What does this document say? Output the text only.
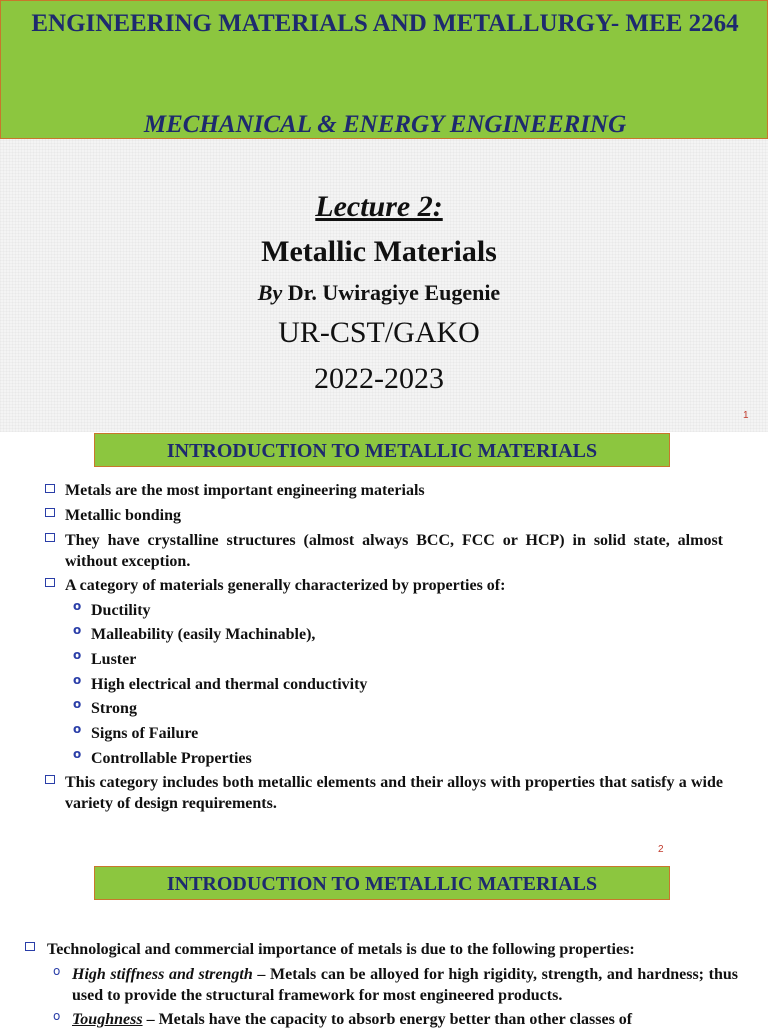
ENGINEERING MATERIALS AND METALLURGY- MEE 2264
MECHANICAL & ENERGY ENGINEERING
Lecture 2:
Metallic Materials
By Dr. Uwiragiye Eugenie
UR-CST/GAKO
2022-2023
1
INTRODUCTION TO METALLIC MATERIALS
Metals are the most important engineering materials
Metallic bonding
They have crystalline structures (almost always BCC, FCC or HCP) in solid state, almost without exception.
A category of materials generally characterized by properties of:
o Ductility
o Malleability (easily Machinable),
o Luster
o High electrical and thermal conductivity
o Strong
o Signs of Failure
o Controllable Properties
This category includes both metallic elements and their alloys with properties that satisfy a wide variety of design requirements.
2
INTRODUCTION TO METALLIC MATERIALS
Technological and commercial importance of metals is due to the following properties:
o High stiffness and strength – Metals can be alloyed for high rigidity, strength, and hardness; thus used to provide the structural framework for most engineered products.
o Toughness – Metals have the capacity to absorb energy better than other classes of
